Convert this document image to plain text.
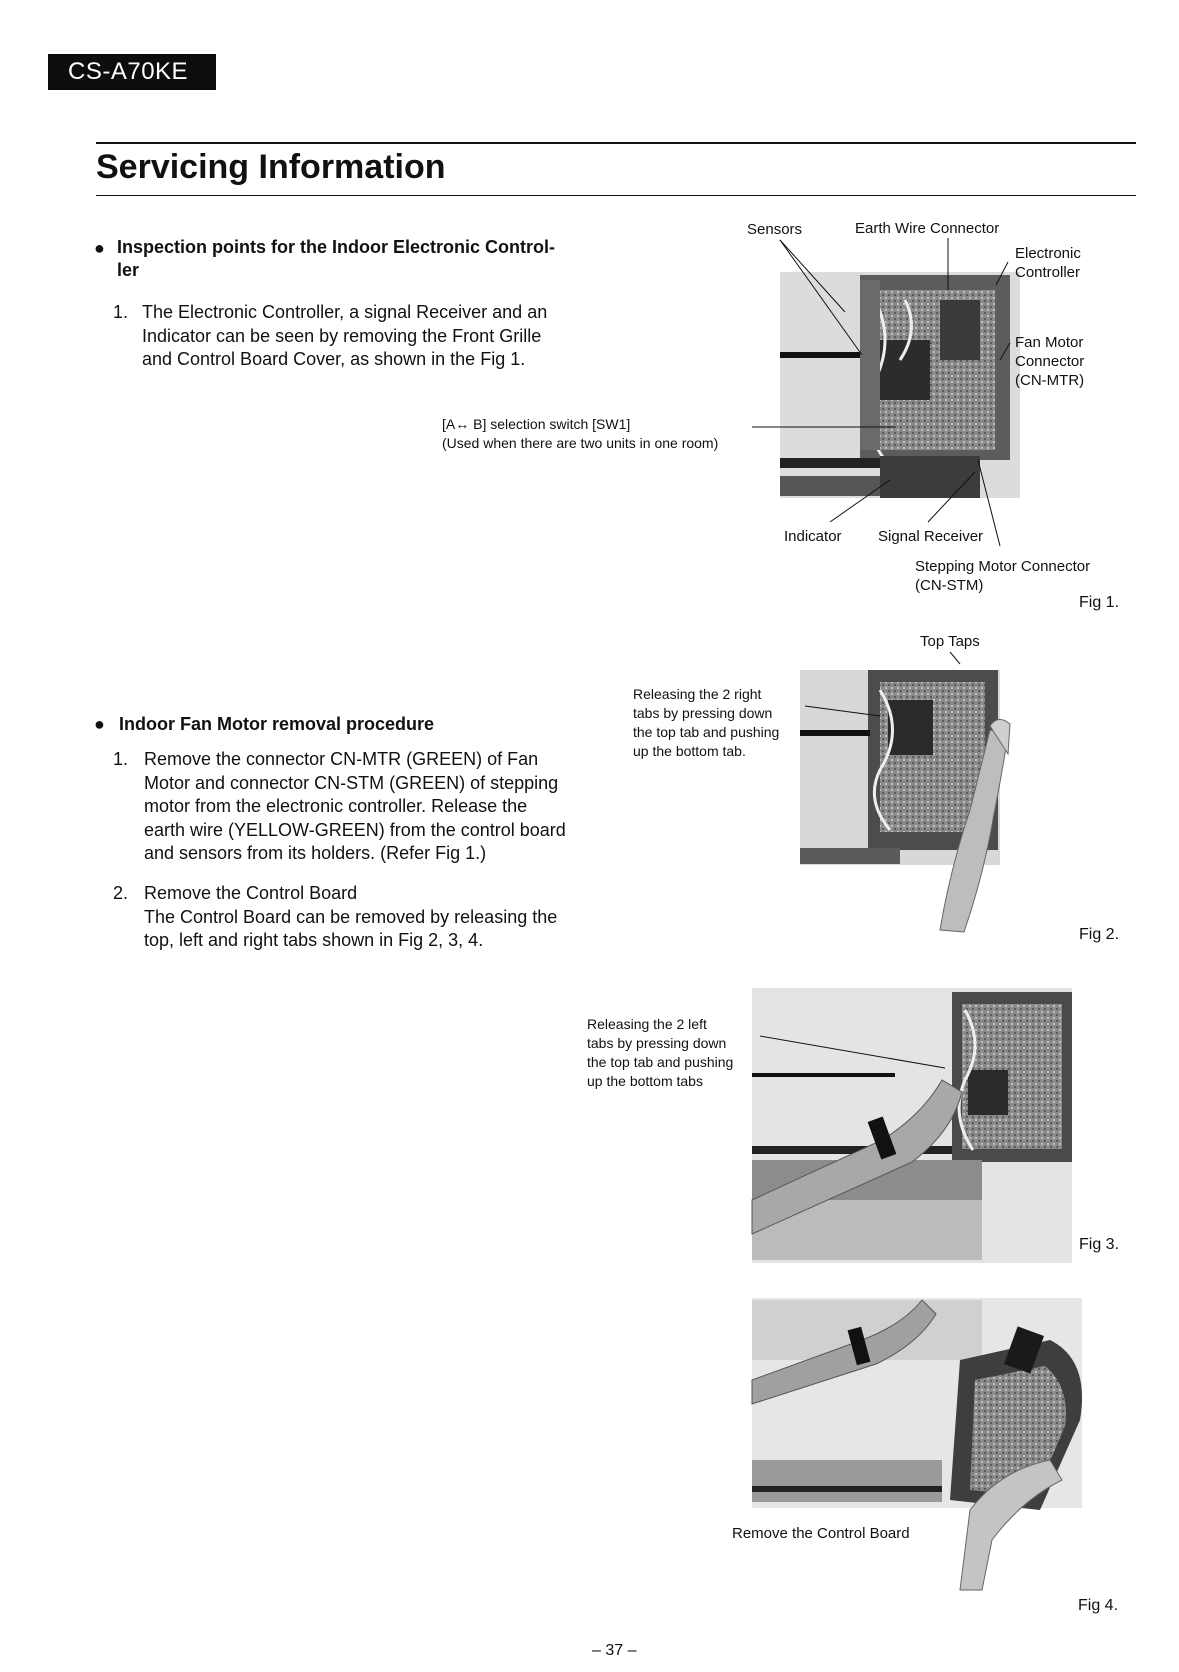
CS-A70KE
Servicing Information
● Inspection points for the Indoor Electronic Control-
ler
1. The Electronic Controller, a signal Receiver and an
Indicator can be seen by removing the Front Grille
and Control Board Cover, as shown in the Fig 1.
Sensors	Earth Wire Connector
Electronic
Controller
Fan Motor
Connector
(CN-MTR)
[A↔ B] selection switch [SW1]
(Used when there are two units in one room)
Indicator Signal Receiver
Stepping Motor Connector
(CN-STM)
Fig 1.
● Indoor Fan Motor removal procedure
1. Remove the connector CN-MTR (GREEN) of Fan
Motor and connector CN-STM (GREEN) of stepping
motor from the electronic controller. Release the
earth wire (YELLOW-GREEN) from the control board
and sensors from its holders. (Refer Fig 1.)
2. Remove the Control Board
The Control Board can be removed by releasing the
top, left and right tabs shown in Fig 2, 3, 4.
Top Taps
Releasing the 2 right
tabs by pressing down
the top tab and pushing
up the bottom tab.
Fig 2.
Releasing the 2 left
tabs by pressing down
the top tab and pushing
up the bottom tabs
Fig 3.
Remove the Control Board
Fig 4.
– 37 –
